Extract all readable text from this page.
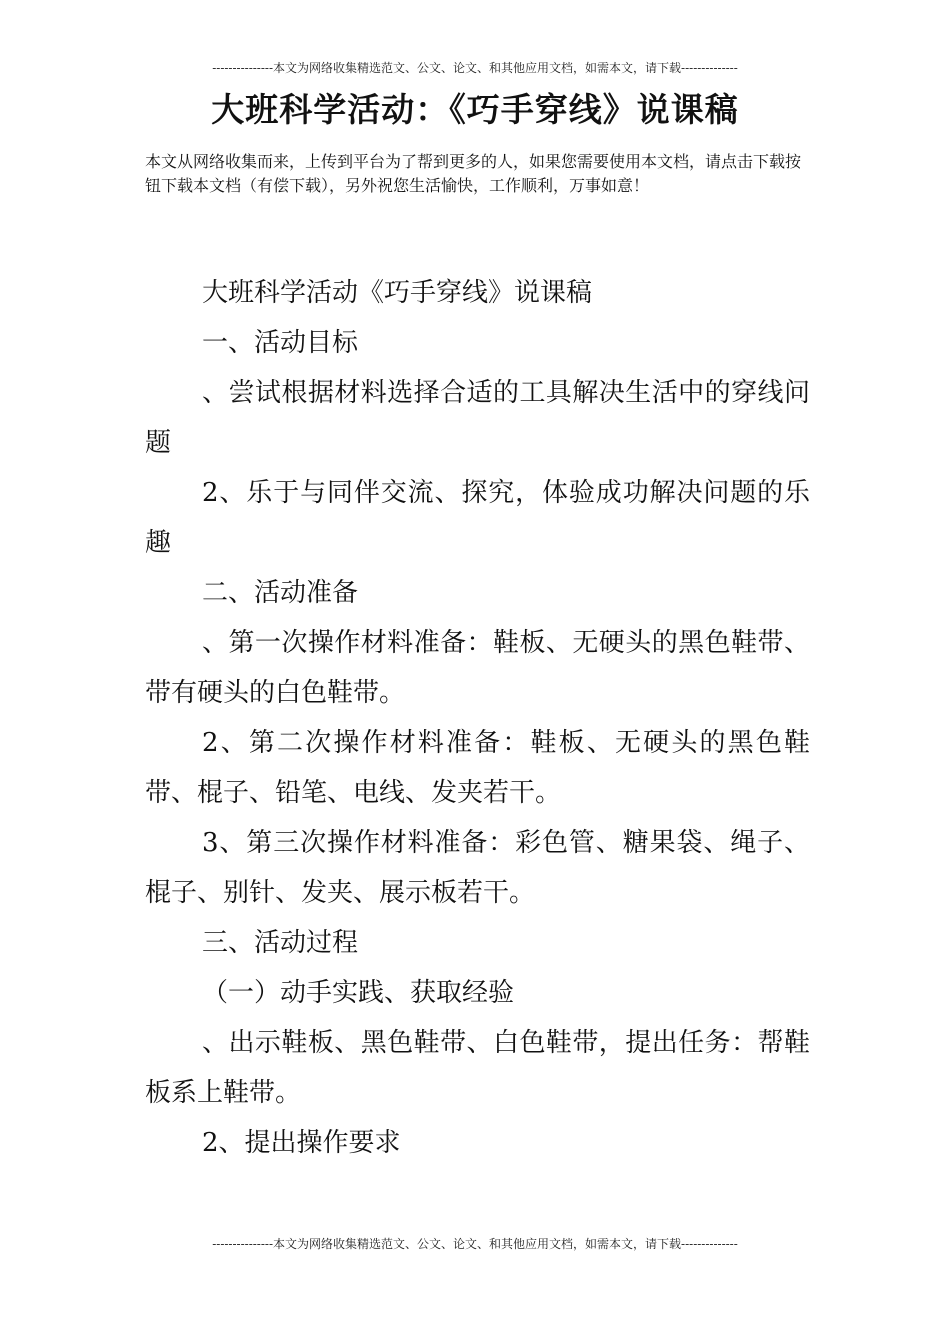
---------------本文为网络收集精选范文、公文、论文、和其他应用文档，如需本文，请下载--------------
大班科学活动：《巧手穿线》说课稿
本文从网络收集而来，上传到平台为了帮到更多的人，如果您需要使用本文档，请点击下载按钮下载本文档（有偿下载），另外祝您生活愉快，工作顺利，万事如意！

大班科学活动《巧手穿线》说课稿

一、活动目标

、尝试根据材料选择合适的工具解决生活中的穿线问题

2、乐于与同伴交流、探究，体验成功解决问题的乐趣

二、活动准备

、第一次操作材料准备：鞋板、无硬头的黑色鞋带、带有硬头的白色鞋带。

2、第二次操作材料准备：鞋板、无硬头的黑色鞋带、棍子、铅笔、电线、发夹若干。

3、第三次操作材料准备：彩色管、糖果袋、绳子、棍子、别针、发夹、展示板若干。

三、活动过程

（一）动手实践、获取经验

、出示鞋板、黑色鞋带、白色鞋带，提出任务：帮鞋板系上鞋带。

2、提出操作要求

---------------本文为网络收集精选范文、公文、论文、和其他应用文档，如需本文，请下载--------------
